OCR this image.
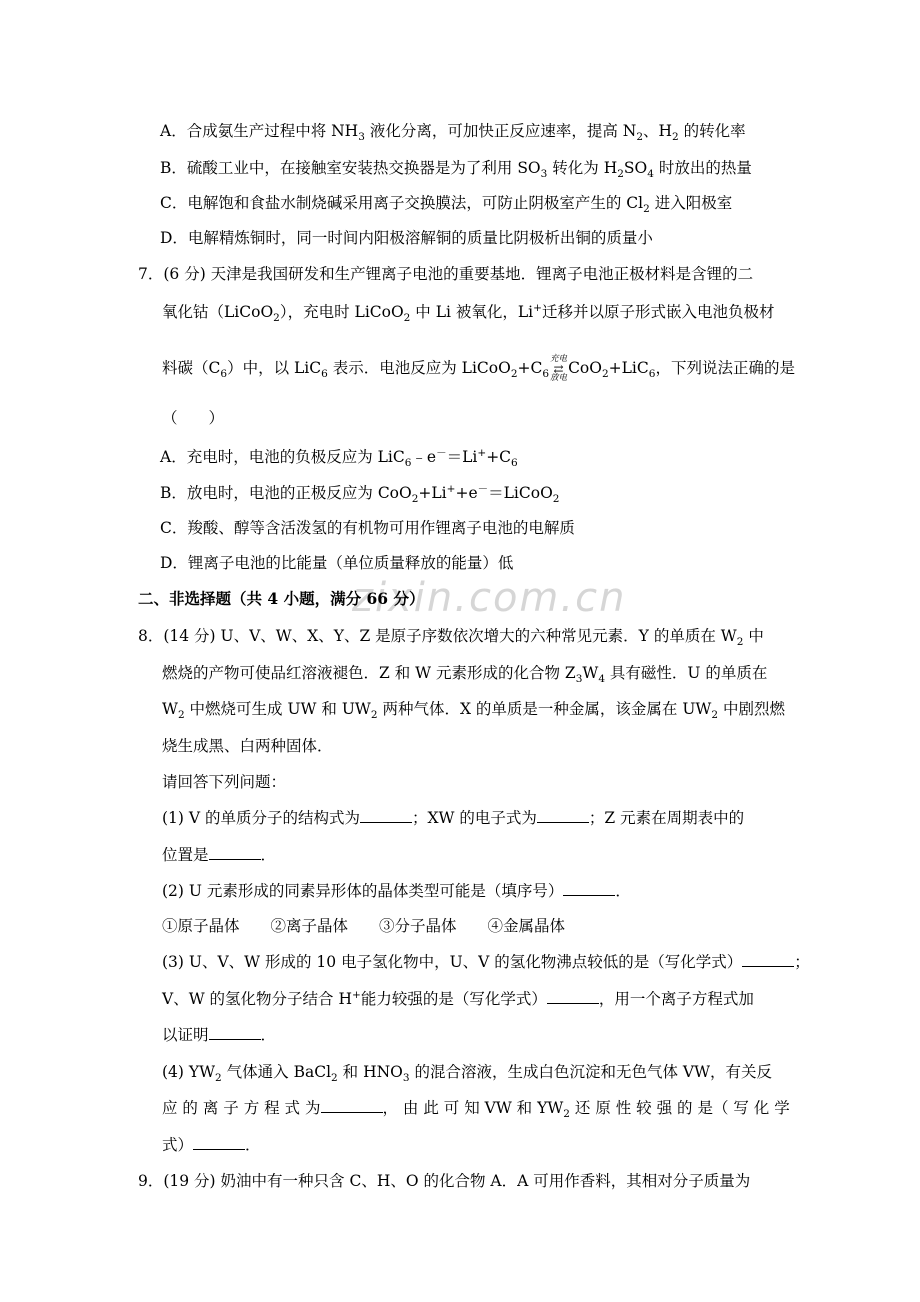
zixin.com.cn
A．合成氨生产过程中将 $NH_3$ 液化分离，可加快正反应速率，提高 $N_2$、$H_2$ 的转化率
B．硫酸工业中，在接触室安装热交换器是为了利用 $SO_3$ 转化为 $H_2SO_4$ 时放出的热量
C．电解饱和食盐水制烧碱采用离子交换膜法，可防止阴极室产生的 $Cl_2$ 进入阳极室
D．电解精炼铜时，同一时间内阳极溶解铜的质量比阴极析出铜的质量小
7．(6 分) 天津是我国研发和生产锂离子电池的重要基地．锂离子电池正极材料是含锂的二
氧化钴（LiCoO$_2$），充电时 LiCoO$_2$ 中 Li 被氧化，Li+迁移并以原子形式嵌入电池负极材
料碳$(C_6)$中，以 LiC$_6$ 表示．电池反应为 $LiCoO_2+C_6$
充电
⇄
放电
CoO$_2$+LiC$_6$，下列说法正确的是
（　　）
A．充电时，电池的负极反应为 $LiC_6﹣e^-=Li^++C_6$
B．放电时，电池的正极反应为 CoO$_2$+Li++e－＝LiCoO$_2$
C．羧酸、醇等含活泼氢的有机物可用作锂离子电池的电解质
D．锂离子电池的比能量（单位质量释放的能量）低
二、非选择题（共 4 小题，满分 66 分）
8．(14 分) U、V、W、X、Y、Z 是原子序数依次增大的六种常见元素．Y 的单质在 $W_2$ 中
燃烧的产物可使品红溶液褪色．Z 和 W 元素形成的化合物 $Z_3W_4$ 具有磁性．U 的单质在
$W_2$ 中燃烧可生成 UW 和 $UW_2$ 两种气体．X 的单质是一种金属，该金属在 $UW_2$ 中剧烈燃
烧生成黑、白两种固体．
请回答下列问题：
(1) V 的单质分子的结构式为	；XW 的电子式为	；Z 元素在周期表中的
位置是	．
(2) U 元素形成的同素异形体的晶体类型可能是（填序号）	．
①原子晶体　　②离子晶体　　③分子晶体　　④金属晶体
(3) U、V、W 形成的 10 电子氢化物中，U、V 的氢化物沸点较低的是（写化学式）	；
V、W 的氢化物分子结合 H+能力较强的是（写化学式）	，用一个离子方程式加
以证明	．
(4) $YW_2$ 气体通入 BaCl$_2$ 和 $HNO_3$ 的混合溶液，生成白色沉淀和无色气体 VW，有关反
应 的 离 子 方 程 式 为	， 由 此 可 知 VW 和 $YW_2$ 还 原 性 较 强 的 是（ 写 化 学
式）	．
9．(19 分) 奶油中有一种只含 C、H、O 的化合物 A．A 可用作香料，其相对分子质量为
